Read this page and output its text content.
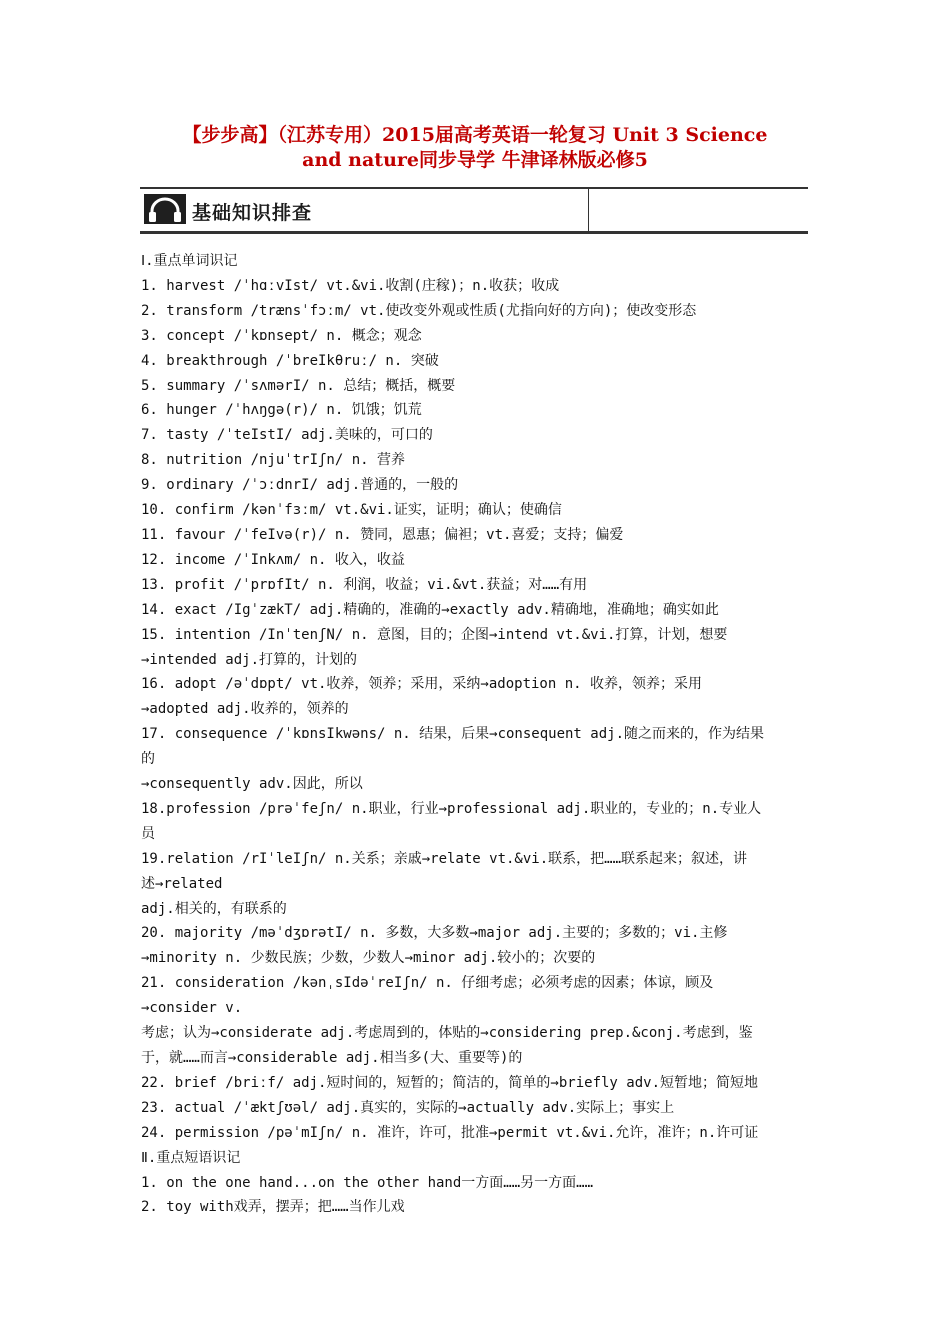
【步步高】（江苏专用）2015届高考英语一轮复习 Unit 3 Science
and nature同步导学 牛津译林版必修5
基础知识排查
Ⅰ.重点单词识记
1. harvest /ˈhɑːvIst/ vt.&vi.收割(庄稼)；n.收获；收成
2. transform /trænsˈfɔːm/ vt.使改变外观或性质(尤指向好的方向)；使改变形态
3. concept /ˈkɒnsept/ n. 概念；观念
4. breakthrough /ˈbreIkθruː/ n. 突破
5. summary /ˈsʌmərI/ n. 总结；概括，概要
6. hunger /ˈhʌŋgə(r)/ n. 饥饿；饥荒
7. tasty /ˈteIstI/ adj.美味的，可口的
8. nutrition /njuˈtrIʃn/ n. 营养
9. ordinary /ˈɔːdnrI/ adj.普通的，一般的
10. confirm /kənˈfɜːm/ vt.&vi.证实，证明；确认；使确信
11. favour /ˈfeIvə(r)/ n. 赞同，恩惠；偏袒；vt.喜爱；支持；偏爱
12. income /ˈInkʌm/ n. 收入，收益
13. profit /ˈprɒfIt/ n. 利润，收益；vi.&vt.获益；对……有用
14. exact /IgˈzækT/ adj.精确的，准确的→exactly adv.精确地，准确地；确实如此
15. intention /InˈtenʃN/ n. 意图，目的；企图→intend vt.&vi.打算，计划，想要
→intended adj.打算的，计划的
16. adopt /əˈdɒpt/ vt.收养，领养；采用，采纳→adoption n. 收养，领养；采用
→adopted adj.收养的，领养的
17. consequence /ˈkɒnsIkwəns/ n. 结果，后果→consequent adj.随之而来的，作为结果
的
→consequently adv.因此，所以
18.profession /prəˈfeʃn/ n.职业，行业→professional adj.职业的，专业的；n.专业人
员
19.relation /rIˈleIʃn/ n.关系；亲戚→relate vt.&vi.联系，把……联系起来；叙述，讲
述→related
adj.相关的，有联系的
20. majority /məˈdʒɒrətI/ n. 多数，大多数→major adj.主要的；多数的；vi.主修
→minority n. 少数民族；少数，少数人→minor adj.较小的；次要的
21. consideration /kənˌsIdəˈreIʃn/ n. 仔细考虑；必须考虑的因素；体谅，顾及
→consider v.
考虑；认为→considerate adj.考虑周到的，体贴的→considering prep.&conj.考虑到，鉴
于，就……而言→considerable adj.相当多(大、重要等)的
22. brief /briːf/ adj.短时间的，短暂的；简洁的，简单的→briefly adv.短暂地；简短地
23. actual /ˈæktʃʊəl/ adj.真实的，实际的→actually adv.实际上；事实上
24. permission /pəˈmIʃn/ n. 准许，许可，批准→permit vt.&vi.允许，准许；n.许可证
Ⅱ.重点短语识记
1. on the one hand...on the other hand一方面……另一方面……
2. toy with戏弄，摆弄；把……当作儿戏
